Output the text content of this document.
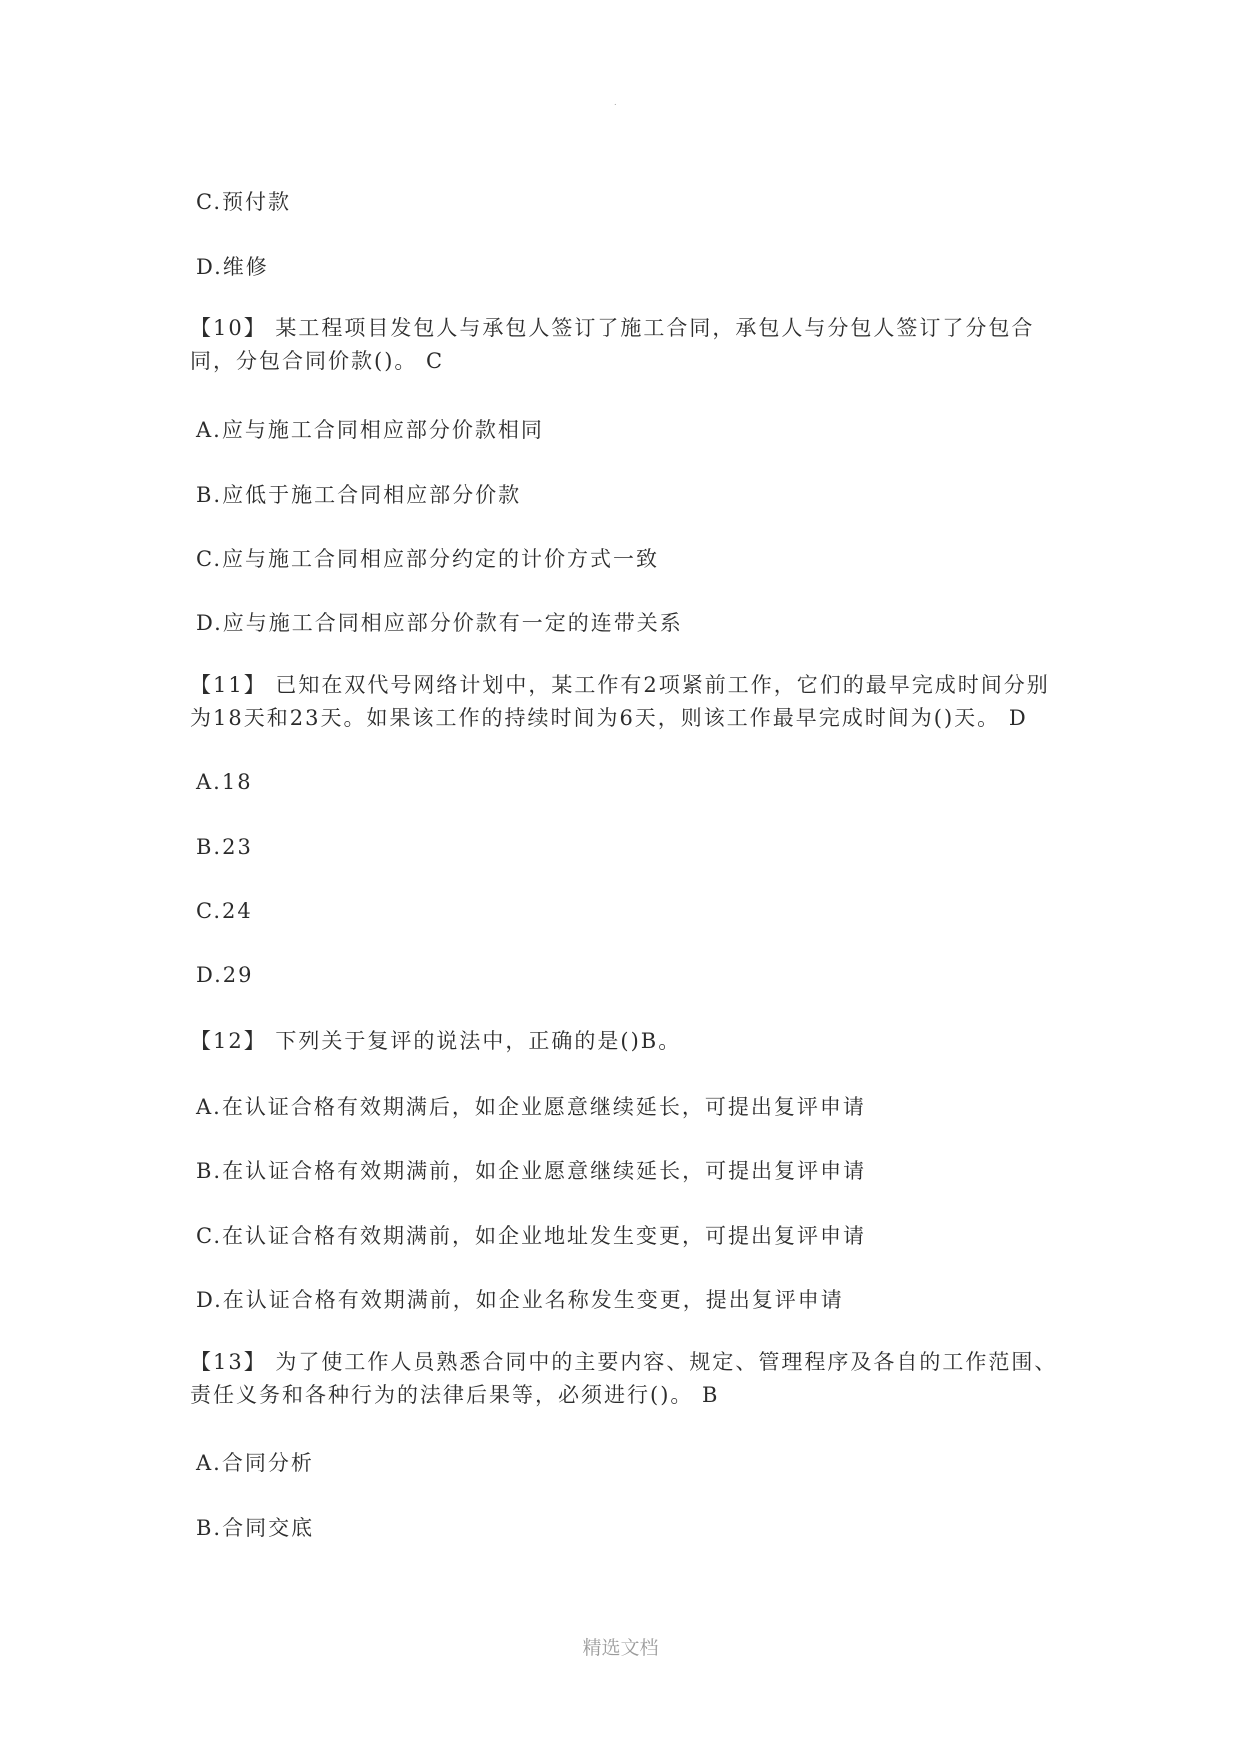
.
C.预付款
D.维修
【10】 某工程项目发包人与承包人签订了施工合同，承包人与分包人签订了分包合同，分包合同价款()。 C
A.应与施工合同相应部分价款相同
B.应低于施工合同相应部分价款
C.应与施工合同相应部分约定的计价方式一致
D.应与施工合同相应部分价款有一定的连带关系
【11】 已知在双代号网络计划中，某工作有2项紧前工作，它们的最早完成时间分别为18天和23天。如果该工作的持续时间为6天，则该工作最早完成时间为()天。 D
A.18
B.23
C.24
D.29
【12】 下列关于复评的说法中，正确的是()B。
A.在认证合格有效期满后，如企业愿意继续延长，可提出复评申请
B.在认证合格有效期满前，如企业愿意继续延长，可提出复评申请
C.在认证合格有效期满前，如企业地址发生变更，可提出复评申请
D.在认证合格有效期满前，如企业名称发生变更，提出复评申请
【13】 为了使工作人员熟悉合同中的主要内容、规定、管理程序及各自的工作范围、责任义务和各种行为的法律后果等，必须进行()。 B
A.合同分析
B.合同交底
精选文档
